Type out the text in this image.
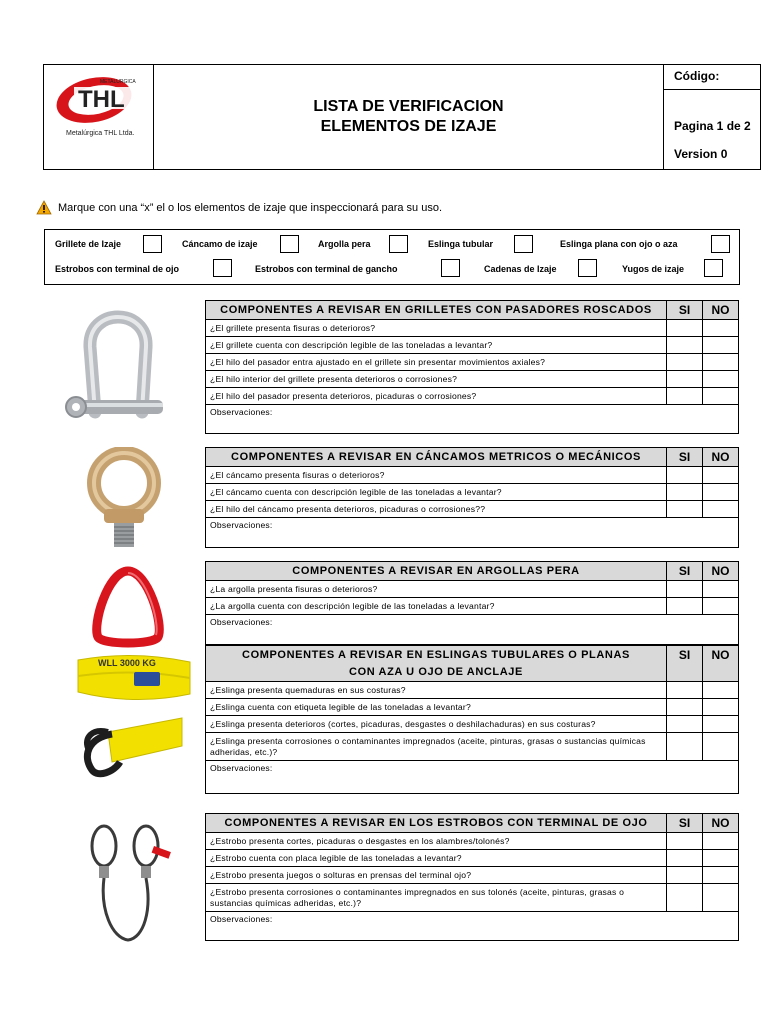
THL
METALURGICA
Metalúrgica THL Ltda.
LISTA DE VERIFICACION
ELEMENTOS DE IZAJE
Código:
Pagina 1 de 2
Version 0
Marque con una “x” el o los elementos de izaje que inspeccionará para su uso.
Grillete de Izaje	Cáncamo de izaje	Argolla pera	Eslinga tubular	Eslinga plana con ojo o aza
Estrobos con terminal de ojo	Estrobos con terminal de gancho	Cadenas de Izaje	Yugos de izaje
WLL 3000 KG
COMPONENTES A REVISAR EN GRILLETES CON PASADORES ROSCADOS	SI	NO
¿El grillete presenta fisuras o deterioros?		
¿El grillete cuenta con descripción legible de las toneladas a levantar?		
¿El hilo del pasador entra ajustado en el grillete sin presentar movimientos axiales?		
¿El hilo interior del grillete presenta deterioros o corrosiones?		
¿El hilo del pasador presenta deterioros, picaduras o corrosiones?		
Observaciones:		
COMPONENTES A REVISAR EN CÁNCAMOS METRICOS O MECÁNICOS	SI	NO
¿El cáncamo presenta fisuras o deterioros?		
¿El cáncamo cuenta con descripción legible de las toneladas a levantar?		
¿El hilo del cáncamo presenta deterioros, picaduras o corrosiones??		
Observaciones:		
COMPONENTES A REVISAR EN ARGOLLAS PERA	SI	NO
¿La argolla presenta fisuras o deterioros?		
¿La argolla cuenta con descripción legible de las toneladas a levantar?		
Observaciones:		
COMPONENTES A REVISAR EN ESLINGAS TUBULARES O PLANAS
CON AZA U OJO DE ANCLAJE	SI	NO
¿Eslinga presenta quemaduras en sus costuras?		
¿Eslinga cuenta con etiqueta legible de las toneladas a levantar?		
¿Eslinga presenta deterioros (cortes, picaduras, desgastes o deshilachaduras) en sus costuras?		
¿Eslinga presenta corrosiones o contaminantes impregnados (aceite, pinturas, grasas o sustancias químicas adheridas, etc.)?		
Observaciones:		
COMPONENTES A REVISAR EN LOS ESTROBOS CON TERMINAL DE OJO	SI	NO
¿Estrobo presenta cortes, picaduras o desgastes en los alambres/tolonés?		
¿Estrobo cuenta con placa legible de las toneladas a levantar?		
¿Estrobo presenta juegos o solturas en prensas del terminal ojo?		
¿Estrobo presenta corrosiones o contaminantes impregnados en sus tolonés (aceite, pinturas, grasas o sustancias químicas adheridas, etc.)?		
Observaciones:		
